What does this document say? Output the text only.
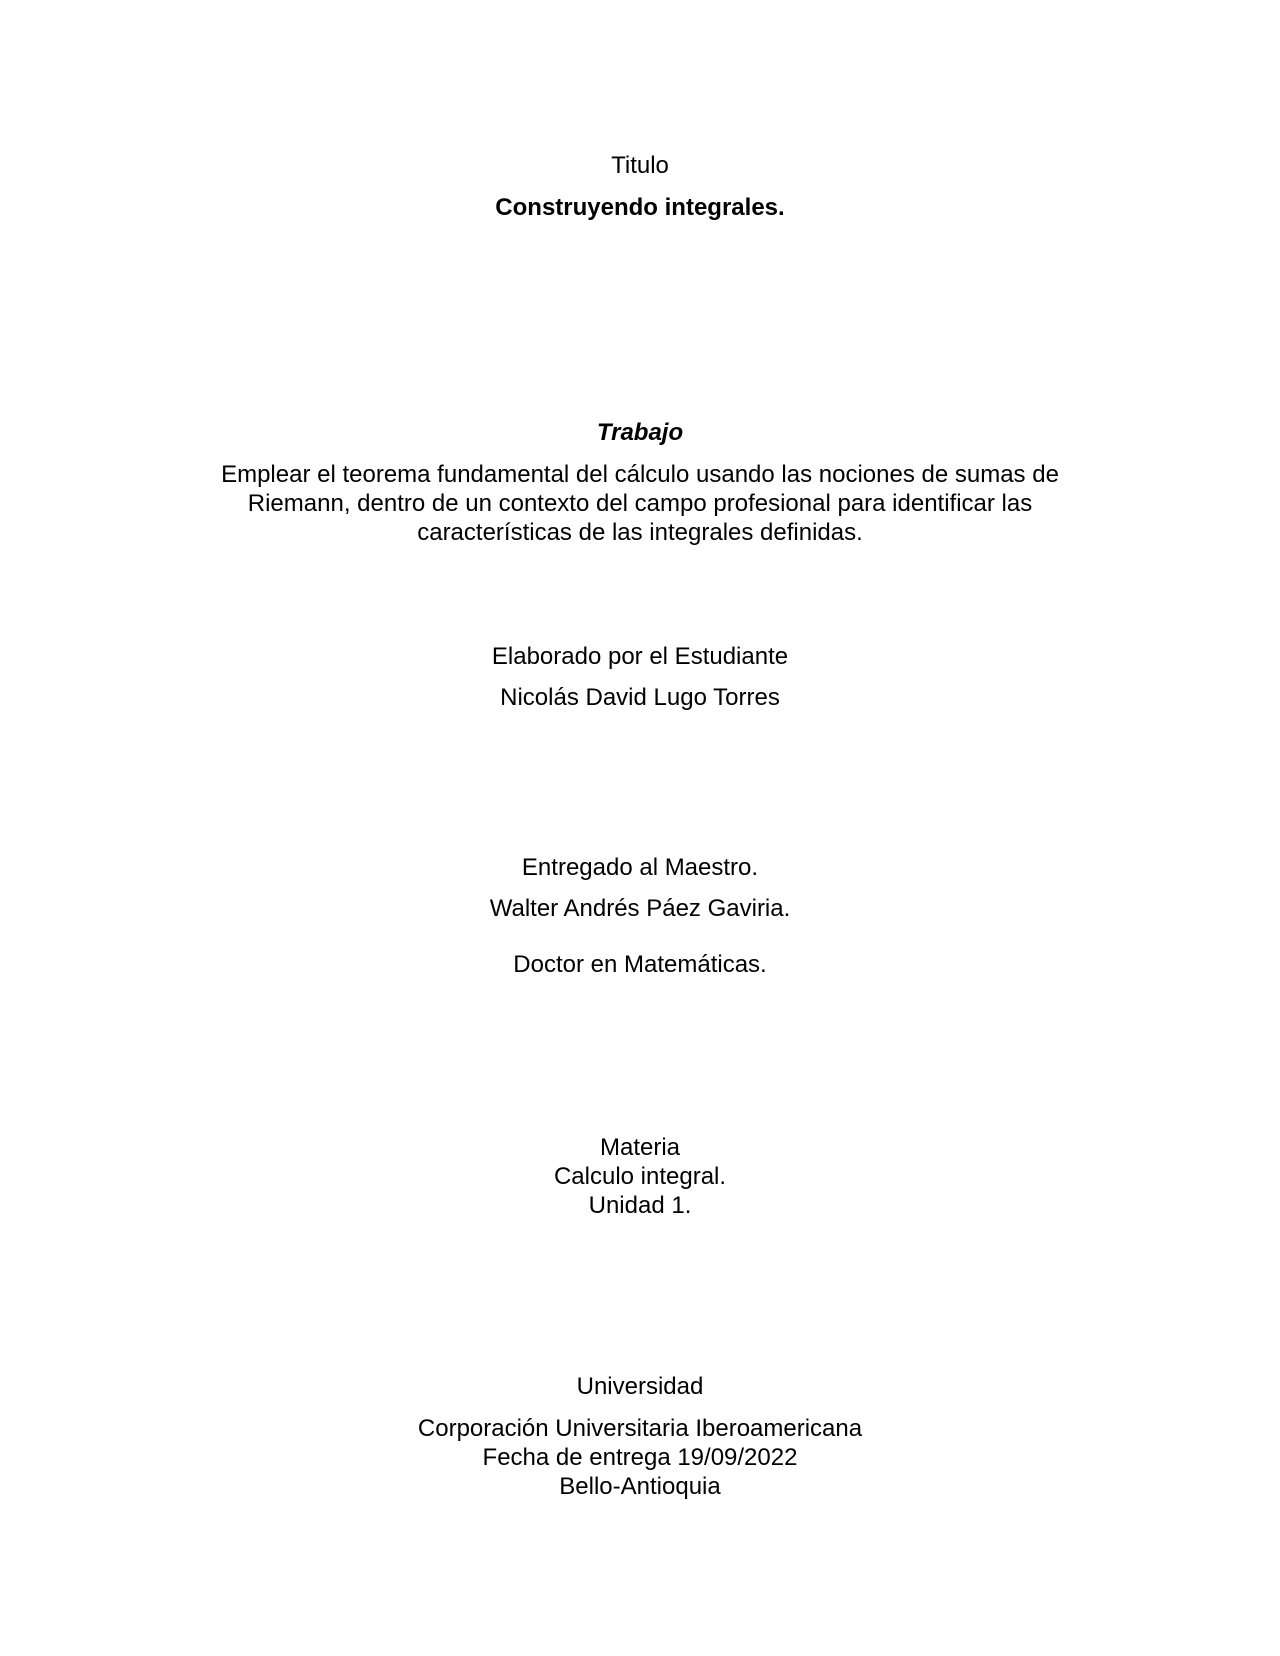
Titulo
Construyendo integrales.
Trabajo
Emplear el teorema fundamental del cálculo usando las nociones de sumas de
Riemann, dentro de un contexto del campo profesional para identificar las
características de las integrales definidas.
Elaborado por el Estudiante
Nicolás David Lugo Torres
Entregado al Maestro.
Walter Andrés Páez Gaviria.
Doctor en Matemáticas.
Materia
Calculo integral.
Unidad 1.
Universidad
Corporación Universitaria Iberoamericana
Fecha de entrega 19/09/2022
Bello-Antioquia
